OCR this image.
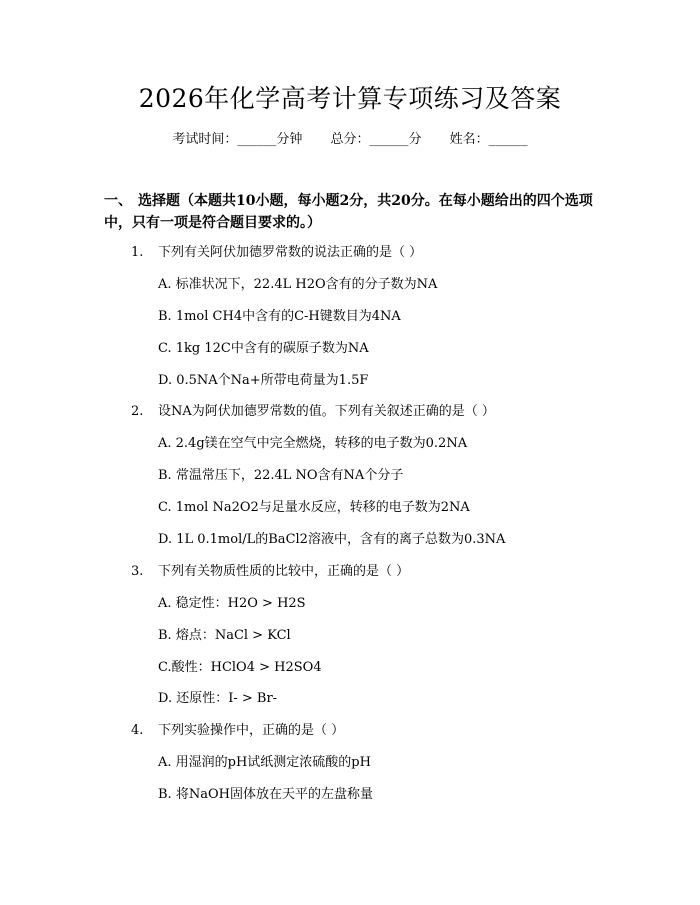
2026年化学高考计算专项练习及答案
考试时间：______分钟 总分：______分 姓名：______
一、 选择题（本题共10小题，每小题2分，共20分。在每小题给出的四个选项中，只有一项是符合题目要求的。）
1. 下列有关阿伏加德罗常数的说法正确的是（ ）
A. 标准状况下，22.4L H2O含有的分子数为NA
B. 1mol CH4中含有的C-H键数目为4NA
C. 1kg 12C中含有的碳原子数为NA
D. 0.5NA个Na+所带电荷量为1.5F
2. 设NA为阿伏加德罗常数的值。下列有关叙述正确的是（ ）
A. 2.4g镁在空气中完全燃烧，转移的电子数为0.2NA
B. 常温常压下，22.4L NO含有NA个分子
C. 1mol Na2O2与足量水反应，转移的电子数为2NA
D. 1L 0.1mol/L的BaCl2溶液中，含有的离子总数为0.3NA
3. 下列有关物质性质的比较中，正确的是（ ）
A. 稳定性：H2O > H2S
B. 熔点：NaCl > KCl
C.酸性：HClO4 > H2SO4
D. 还原性：I- > Br-
4. 下列实验操作中，正确的是（ ）
A. 用湿润的pH试纸测定浓硫酸的pH
B. 将NaOH固体放在天平的左盘称量
